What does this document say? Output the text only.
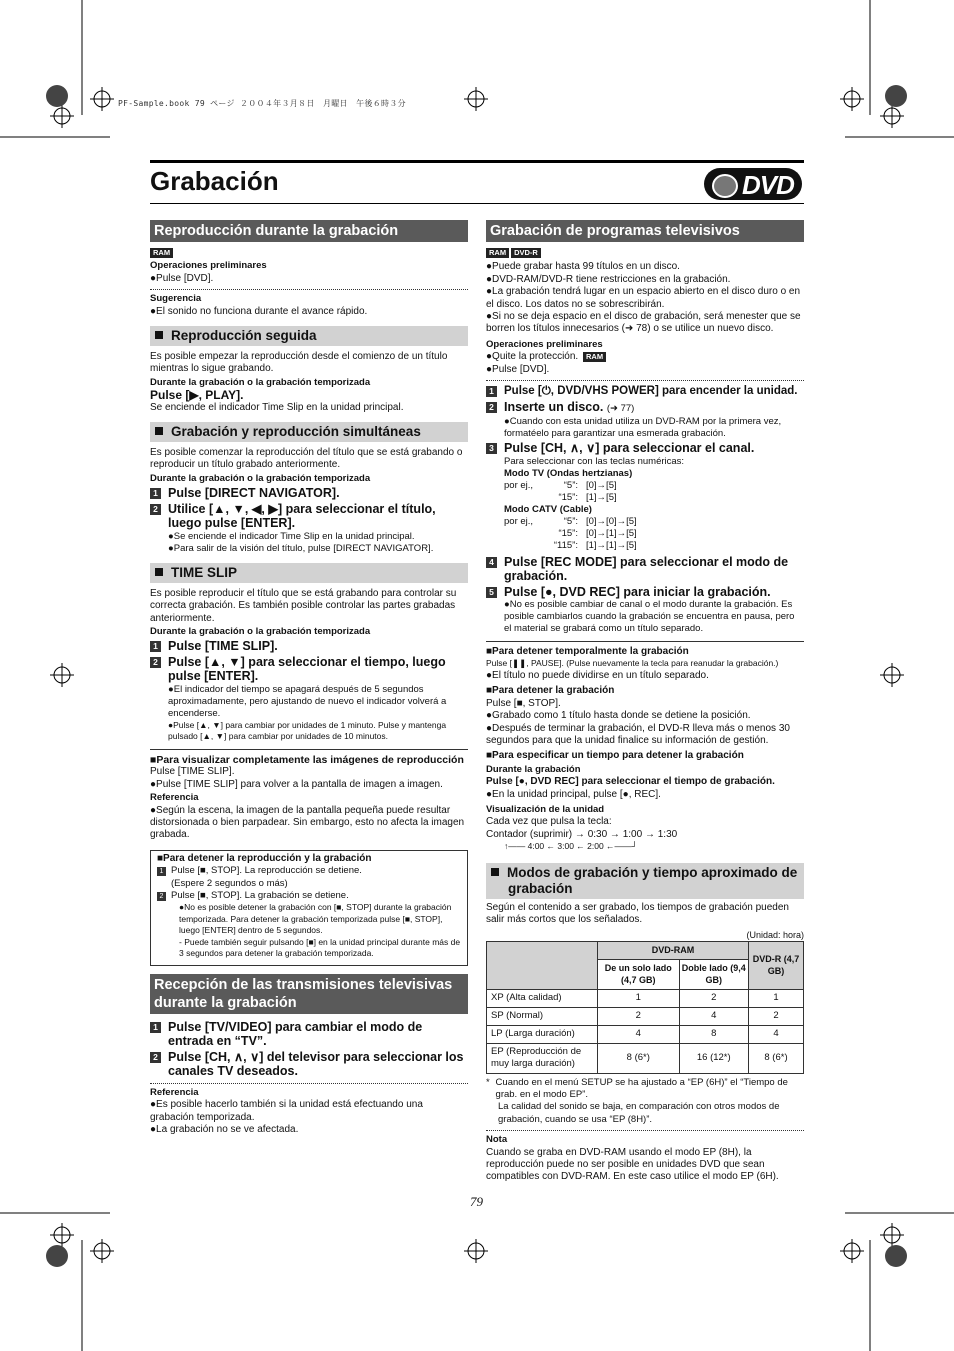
PF-Sample.book 79 ページ ２００４年３月８日　月曜日　午後６時３分
Grabación	DVD
Reproducción durante la grabación
RAM
Operaciones preliminares

●Pulse [DVD].

Sugerencia

●El sonido no funciona durante el avance rápido.

Reproducción seguida

Es posible empezar la reproducción desde el comienzo de un título mientras lo sigue grabando.

Durante la grabación o la grabación temporizada

Pulse [▶, PLAY].

Se enciende el indicador Time Slip en la unidad principal.

Grabación y reproducción simultáneas

Es posible comenzar la reproducción del título que se está grabando o reproducir un título grabado anteriormente.

Durante la grabación o la grabación temporizada
1 Pulse [DIRECT NAVIGATOR].
2 Utilice [▲, ▼, ◀, ▶] para seleccionar el título, luego pulse [ENTER].
●Se enciende el indicador Time Slip en la unidad principal.
●Para salir de la visión del título, pulse [DIRECT NAVIGATOR].
TIME SLIP

Es posible reproducir el título que se está grabando para controlar su correcta grabación. Es también posible controlar las partes grabadas anteriormente.

Durante la grabación o la grabación temporizada
1 Pulse [TIME SLIP].
2 Pulse [▲, ▼] para seleccionar el tiempo, luego pulse [ENTER].
●El indicador del tiempo se apagará después de 5 segundos aproximadamente, pero ajustando de nuevo el indicador volverá a encenderse.
●Pulse [▲, ▼] para cambiar por unidades de 1 minuto. Pulse y mantenga pulsado [▲, ▼] para cambiar por unidades de 10 minutos.
■Para visualizar completamente las imágenes de reproducción

Pulse [TIME SLIP].

●Pulse [TIME SLIP] para volver a la pantalla de imagen a imagen.

Referencia

●Según la escena, la imagen de la pantalla pequeña puede resultar distorsionada o bien parpadear. Sin embargo, esto no afecta la imagen grabada.

■Para detener la reproducción y la grabación
1 Pulse [■, STOP]. La reproducción se detiene.
(Espere 2 segundos o más)
2 Pulse [■, STOP]. La grabación se detiene.
●No es posible detener la grabación con [■, STOP] durante la grabación temporizada. Para detener la grabación temporizada pulse [■, STOP], luego [ENTER] dentro de 5 segundos.
- Puede también seguir pulsando [■] en la unidad principal durante más de 3 segundos para detener la grabación temporizada.
Recepción de las transmisiones televisivas durante la grabación
1 Pulse [TV/VIDEO] para cambiar el modo de entrada en “TV”.
2 Pulse [CH, ∧, ∨] del televisor para seleccionar los canales TV deseados.
Referencia

●Es posible hacerlo también si la unidad está efectuando una grabación temporizada.

●La grabación no se ve afectada.

Grabación de programas televisivos
RAM DVD-R

●Puede grabar hasta 99 títulos en un disco.

●DVD-RAM/DVD-R tiene restricciones en la grabación.

●La grabación tendrá lugar en un espacio abierto en el disco duro o en el disco. Los datos no se sobrescribirán.

●Si no se deja espacio en el disco de grabación, será menester que se borren los títulos innecesarios (➜ 78) o se utilice un nuevo disco.

Operaciones preliminares

●Quite la protección. RAM

●Pulse [DVD].

1 Pulse [⏻, DVD/VHS POWER] para encender la unidad.
2 Inserte un disco. (➜ 77)
●Cuando con esta unidad utiliza un DVD-RAM por la primera vez, formatéelo para garantizar una esmerada grabación.
3 Pulse [CH, ∧, ∨] para seleccionar el canal.
Para seleccionar con las teclas numéricas:
Modo TV (Ondas hertzianas)
por ej.,	“5”: [0]→[5]
“15”: [1]→[5]
Modo CATV (Cable)
por ej.,	“5”: [0]→[0]→[5]
“15”: [0]→[1]→[5]
“115”: [1]→[1]→[5]
4 Pulse [REC MODE] para seleccionar el modo de grabación.
5 Pulse [●, DVD REC] para iniciar la grabación.
●No es posible cambiar de canal o el modo durante la grabación. Es posible cambiarlos cuando la grabación se encuentra en pausa, pero el material se grabará como un título separado.
■Para detener temporalmente la grabación

Pulse [❚❚, PAUSE]. (Pulse nuevamente la tecla para reanudar la grabación.)

●El título no puede dividirse en un título separado.

■Para detener la grabación

Pulse [■, STOP].

●Grabado como 1 título hasta donde se detiene la posición.

●Después de terminar la grabación, el DVD-R lleva más o menos 30 segundos para que la unidad finalice su información de gestión.

■Para especificar un tiempo para detener la grabación
Durante la grabación

Pulse [●, DVD REC] para seleccionar el tiempo de grabación.

●En la unidad principal, pulse [●, REC].

Visualización de la unidad

Cada vez que pulsa la tecla:

Contador (suprimir) → 0:30 → 1:00 → 1:30

↑—— 4:00 ← 3:00 ← 2:00 ←——┘

Modos de grabación y tiempo aproximado de grabación

Según el contenido a ser grabado, los tiempos de grabación pueden salir más cortos que los señalados.

(Unidad: hora)
	DVD-RAM		DVD-R (4,7 GB)
	De un solo lado (4,7 GB)	Doble lado (9,4 GB)	
XP (Alta calidad)	1	2	1
SP (Normal)	2	4	2
LP (Larga duración)	4	8	4
EP (Reproducción de muy larga duración)	8 (6*)	16 (12*)	8 (6*)
* Cuando en el menú SETUP se ha ajustado a “EP (6H)” el “Tiempo de grab. en el modo EP”.
La calidad del sonido se baja, en comparación con otros modos de grabación, cuando se usa “EP (8H)”.
Nota

Cuando se graba en DVD-RAM usando el modo EP (8H), la reproducción puede no ser posible en unidades DVD que sean compatibles con DVD-RAM. En este caso utilice el modo EP (6H).

79
